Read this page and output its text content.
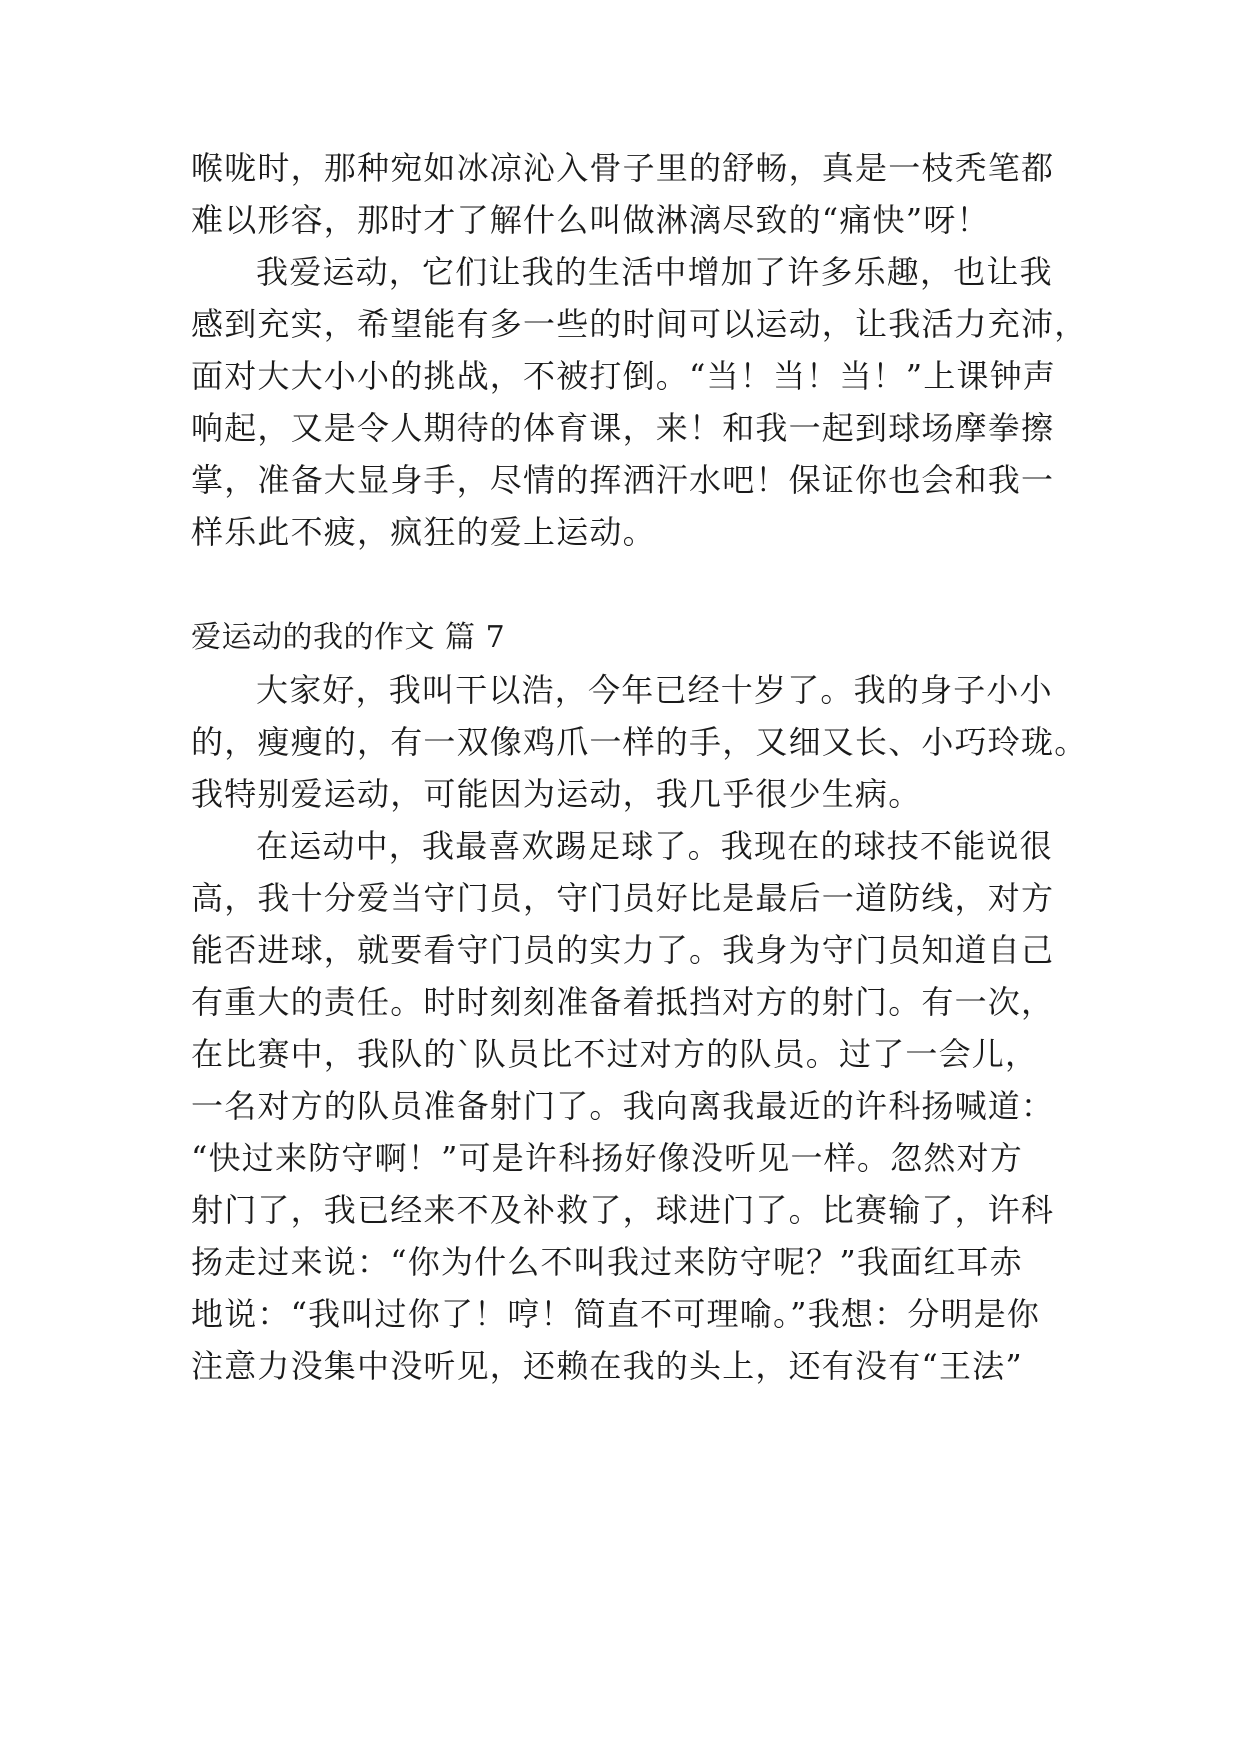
喉咙时，那种宛如冰凉沁入骨子里的舒畅，真是一枝秃笔都
难以形容，那时才了解什么叫做淋漓尽致的“痛快”呀！
我爱运动，它们让我的生活中增加了许多乐趣，也让我
感到充实，希望能有多一些的时间可以运动，让我活力充沛，
面对大大小小的挑战，不被打倒。“当！当！当！”上课钟声
响起，又是令人期待的体育课，来！和我一起到球场摩拳擦
掌，准备大显身手，尽情的挥洒汗水吧！保证你也会和我一
样乐此不疲，疯狂的爱上运动。
爱运动的我的作文 篇 7
大家好，我叫干以浩，今年已经十岁了。我的身子小小
的，瘦瘦的，有一双像鸡爪一样的手，又细又长、小巧玲珑。
我特别爱运动，可能因为运动，我几乎很少生病。
在运动中，我最喜欢踢足球了。我现在的球技不能说很
高，我十分爱当守门员，守门员好比是最后一道防线，对方
能否进球，就要看守门员的实力了。我身为守门员知道自己
有重大的责任。时时刻刻准备着抵挡对方的射门。有一次，
在比赛中，我队的`队员比不过对方的队员。过了一会儿，
一名对方的队员准备射门了。我向离我最近的许科扬喊道：
“快过来防守啊！”可是许科扬好像没听见一样。忽然对方
射门了，我已经来不及补救了，球进门了。比赛输了，许科
扬走过来说：“你为什么不叫我过来防守呢？”我面红耳赤
地说：“我叫过你了！哼！简直不可理喻。”我想：分明是你
注意力没集中没听见，还赖在我的头上，还有没有“王法”
